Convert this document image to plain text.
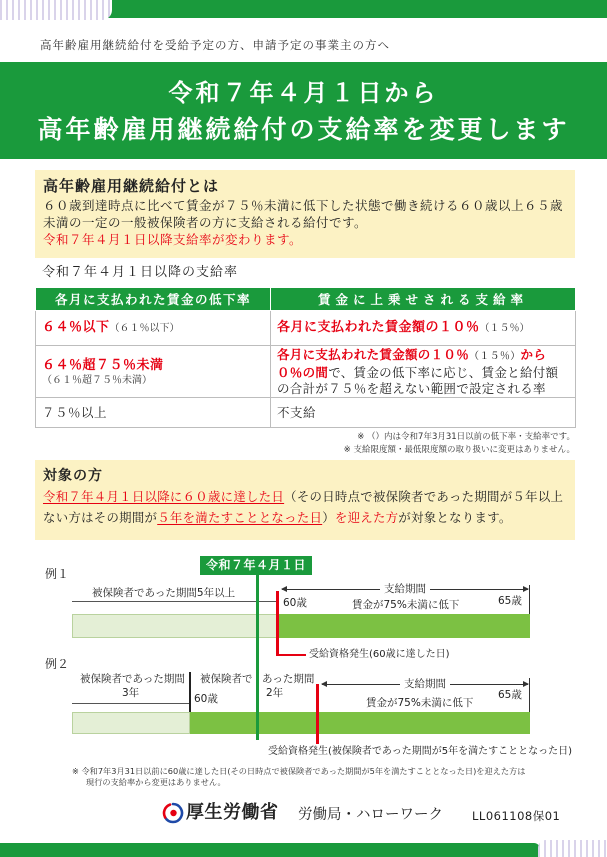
高年齢雇用継続給付を受給予定の方、申請予定の事業主の方へ
令和７年４月１日から
高年齢雇用継続給付の支給率を変更します
高年齢雇用継続給付とは
６０歳到達時点に比べて賃金が７５％未満に低下した状態で働き続ける６０歳以上６５歳未満の一定の一般被保険者の方に支給される給付です。
令和７年４月１日以降支給率が変わります。
令和７年４月１日以降の支給率
各月に支払われた賃金の低下率	賃金に上乗せされる支給率
６４％以下（６１％以下）	各月に支払われた賃金額の１０％（１５％）

６４％超７５％未満
（６１％超７５％未満）	各月に支払われた賃金額の１０％（１５％）から０％の間で、賃金の低下率に応じ、賃金と給付額の合計が７５％を超えない範囲で設定される率
７５％以上	不支給
※ （）内は令和7年3月31日以前の低下率・支給率です。
※ 支給限度額・最低限度額の取り扱いに変更はありません。
対象の方
令和７年４月１日以降に６０歳に達した日（その日時点で被保険者であった期間が５年以上ない方はその期間が５年を満たすこととなった日）を迎えた方が対象となります。
令和７年４月１日
例１
被保険者であった期間5年以上	支給期間
60歳	賃金が75%未満に低下	65歳
受給資格発生(60歳に達した日)
例２
被保険者であった期間
3年
被保険者で あった期間
2年
60歳
支給期間
賃金が75%未満に低下
65歳
受給資格発生(被保険者であった期間が5年を満たすこととなった日)
※ 令和7年3月31日以前に60歳に達した日(その日時点で被保険者であった期間が5年を満たすこととなった日)を迎えた方は
現行の支給率から変更はありません。
厚生労働省 労働局・ハローワーク	LL061108保01
